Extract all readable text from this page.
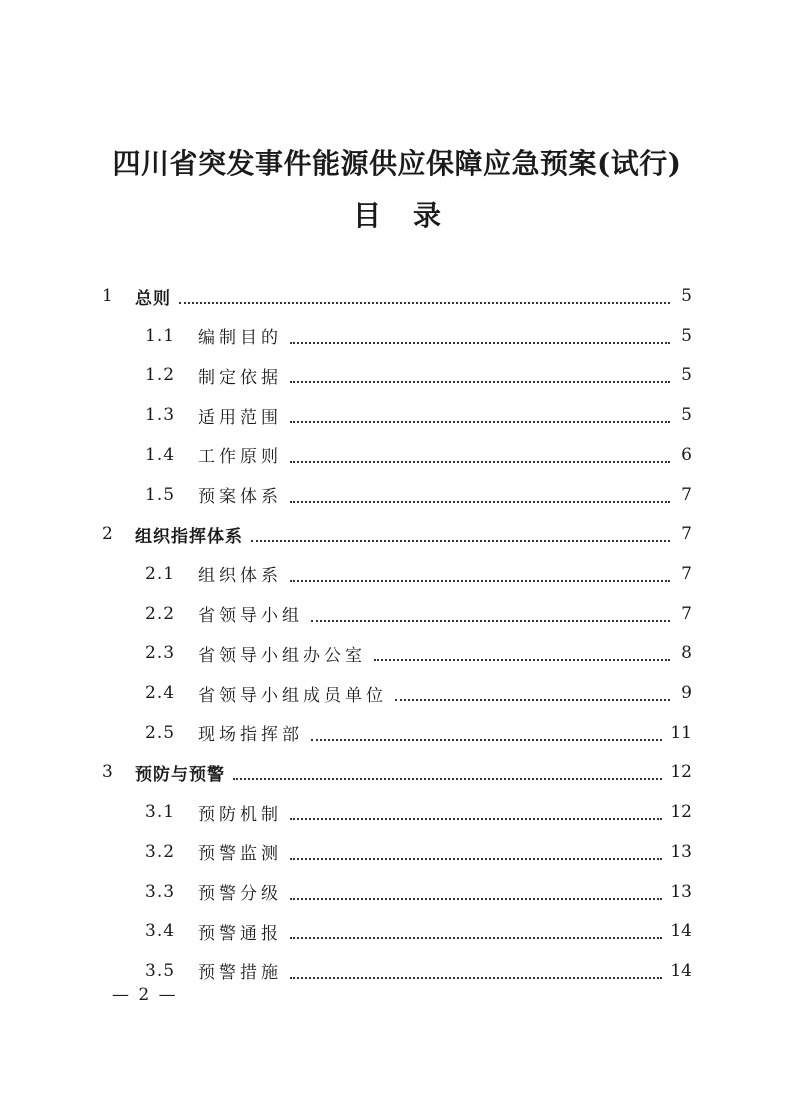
四川省突发事件能源供应保障应急预案(试行)
目录
1	总则	5
1.1	编制目的	5
1.2	制定依据	5
1.3	适用范围	5
1.4	工作原则	6
1.5	预案体系	7
2	组织指挥体系	7
2.1	组织体系	7
2.2	省领导小组	7
2.3	省领导小组办公室	8
2.4	省领导小组成员单位	9
2.5	现场指挥部	11
3	预防与预警	12
3.1	预防机制	12
3.2	预警监测	13
3.3	预警分级	13
3.4	预警通报	14
3.5	预警措施	14
— 2 —
